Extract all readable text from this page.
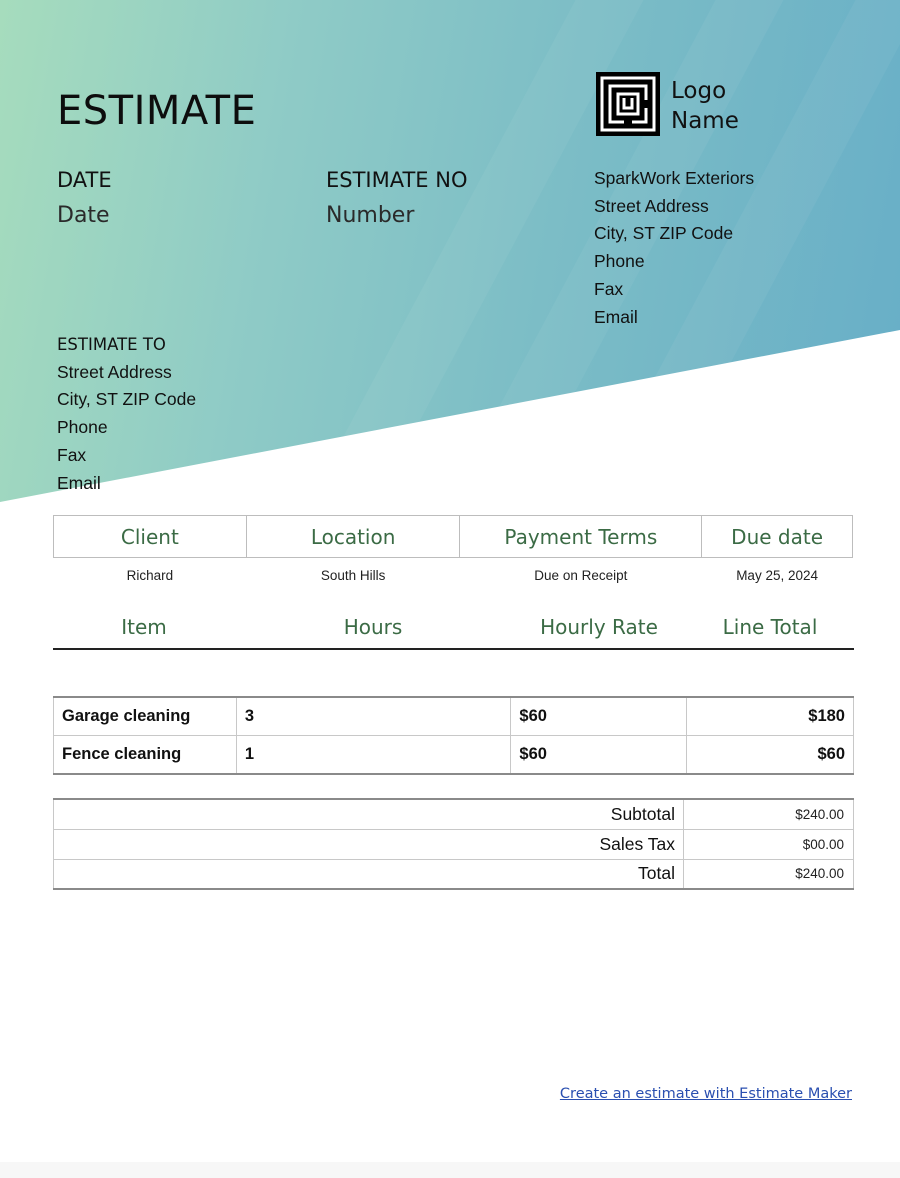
ESTIMATE
DATE
Date
ESTIMATE NO
Number
Logo
Name
SparkWork Exteriors
Street Address
City, ST ZIP Code
Phone
Fax
Email
ESTIMATE TO
Street Address
City, ST ZIP Code
Phone
Fax
Email
Client	Location	Payment Terms	Due date
Richard	South Hills	Due on Receipt	May 25, 2024
Item	Hours	Hourly Rate	Line Total
Garage cleaning	3	$60	$180
Fence cleaning	1	$60	$60
Subtotal	$240.00
Sales Tax	$00.00
Total	$240.00
Create an estimate with Estimate Maker
